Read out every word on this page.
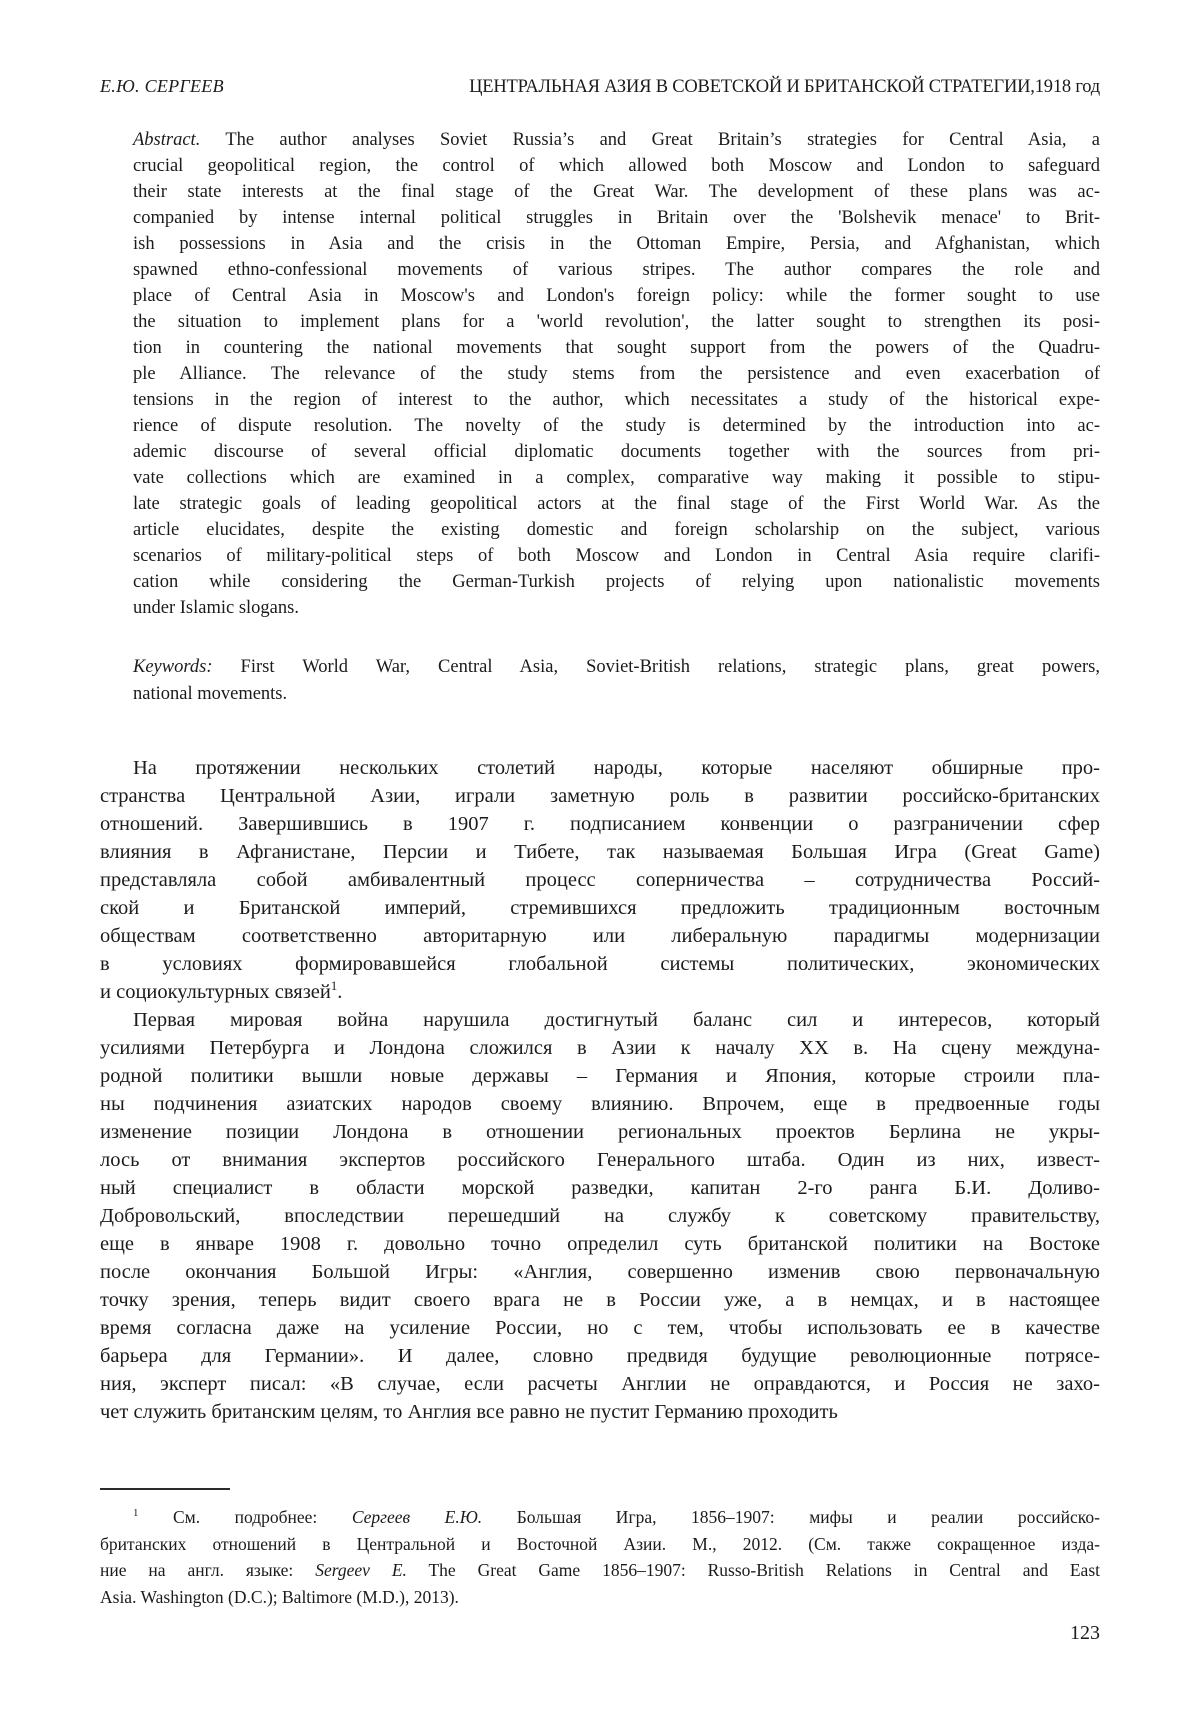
Е.Ю. СЕРГЕЕВ	ЦЕНТРАЛЬНАЯ АЗИЯ В СОВЕТСКОЙ И БРИТАНСКОЙ СТРАТЕГИИ,1918 год
Abstract. The author analyses Soviet Russia’s and Great Britain’s strategies for Central Asia, a
crucial geopolitical region, the control of which allowed both Moscow and London to safeguard
their state interests at the final stage of the Great War. The development of these plans was ac-
companied by intense internal political struggles in Britain over the 'Bolshevik menace' to Brit-
ish possessions in Asia and the crisis in the Ottoman Empire, Persia, and Afghanistan, which
spawned ethno-confessional movements of various stripes. The author compares the role and
place of Central Asia in Moscow's and London's foreign policy: while the former sought to use
the situation to implement plans for a 'world revolution', the latter sought to strengthen its posi-
tion in countering the national movements that sought support from the powers of the Quadru-
ple Alliance. The relevance of the study stems from the persistence and even exacerbation of
tensions in the region of interest to the author, which necessitates a study of the historical expe-
rience of dispute resolution. The novelty of the study is determined by the introduction into ac-
ademic discourse of several official diplomatic documents together with the sources from pri-
vate collections which are examined in a complex, comparative way making it possible to stipu-
late strategic goals of leading geopolitical actors at the final stage of the First World War. As the
article elucidates, despite the existing domestic and foreign scholarship on the subject, various
scenarios of military-political steps of both Moscow and London in Central Asia require clarifi-
cation while considering the German-Turkish projects of relying upon nationalistic movements
under Islamic slogans.
Keywords: First World War, Central Asia, Soviet-British relations, strategic plans, great powers,
national movements.
На протяжении нескольких столетий народы, которые населяют обширные про-
странства Центральной Азии, играли заметную роль в развитии российско-британских
отношений. Завершившись в 1907 г. подписанием конвенции о разграничении сфер
влияния в Афганистане, Персии и Тибете, так называемая Большая Игра (Great Game)
представляла собой амбивалентный процесс соперничества – сотрудничества Россий-
ской и Британской империй, стремившихся предложить традиционным восточным
обществам соответственно авторитарную или либеральную парадигмы модернизации
в условиях формировавшейся глобальной системы политических, экономических
и социокультурных связей$^1$.
Первая мировая война нарушила достигнутый баланс сил и интересов, который
усилиями Петербурга и Лондона сложился в Азии к началу XX в. На сцену междуна-
родной политики вышли новые державы – Германия и Япония, которые строили пла-
ны подчинения азиатских народов своему влиянию. Впрочем, еще в предвоенные годы
изменение позиции Лондона в отношении региональных проектов Берлина не укры-
лось от внимания экспертов российского Генерального штаба. Один из них, извест-
ный специалист в области морской разведки, капитан 2-го ранга Б.И. Доливо-
Добровольский, впоследствии перешедший на службу к советскому правительству,
еще в январе 1908 г. довольно точно определил суть британской политики на Востоке
после окончания Большой Игры: «Англия, совершенно изменив свою первоначальную
точку зрения, теперь видит своего врага не в России уже, а в немцах, и в настоящее
время согласна даже на усиление России, но с тем, чтобы использовать ее в качестве
барьера для Германии». И далее, словно предвидя будущие революционные потрясе-
ния, эксперт писал: «В случае, если расчеты Англии не оправдаются, и Россия не захо-
чет служить британским целям, то Англия все равно не пустит Германию проходить
$^1$ См. подробнее: Сергеев Е.Ю. Большая Игра, 1856–1907: мифы и реалии российско-
британских отношений в Центральной и Восточной Азии. М., 2012. (См. также сокращенное изда-
ние на англ. языке: Sergeev E. The Great Game 1856–1907: Russo-British Relations in Central and East
Asia. Washington (D.C.); Baltimore (M.D.), 2013).
123
